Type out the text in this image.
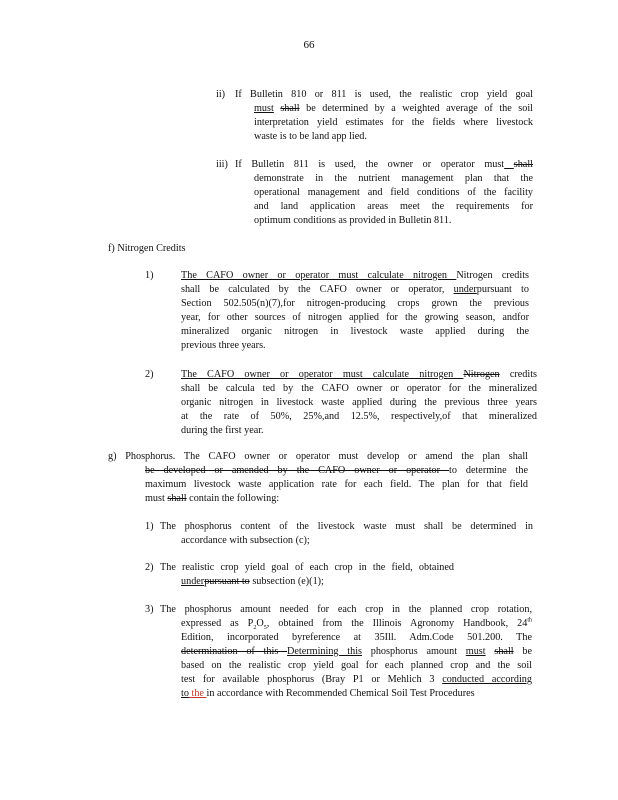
66
ii) If Bulletin 810 or 811 is used, the realistic crop yield goal
must shall be determined by a weighted average of the soil
interpretation yield estimates for the fields where livestock
waste is to be land app lied.
iii) If Bulletin 811 is used, the owner or operator must shall
demonstrate in the nutrient management plan that the
operational management and field conditions of the facility
and land application areas meet the requirements for
optimum conditions as provided in Bulletin 811.
f) Nitrogen Credits
1)	The CAFO owner or operator must calculate nitrogen Nitrogen credits
shall be calculated by the CAFO owner or operator, underpursuant to
Section 502.505(n)(7),for nitrogen-producing crops grown the previous
year, for other sources of nitrogen applied for the growing season, andfor
mineralized organic nitrogen in livestock waste applied during the
previous three years.
2)	The CAFO owner or operator must calculate nitrogen Nitrogen credits
shall be calcula ted by the CAFO owner or operator for the mineralized
organic nitrogen in livestock waste applied during the previous three years
at the rate of 50%, 25%,and 12.5%, respectively,of that mineralized
during the first year.
g) Phosphorus. The CAFO owner or operator must develop or amend the plan shall
be developed or amended by the CAFO owner or operator to determine the
maximum livestock waste application rate for each field. The plan for that field
must shall contain the following:
1) The phosphorus content of the livestock waste must shall be determined in
accordance with subsection (c);
2) The realistic crop yield goal of each crop in the field, obtained
underpursuant to subsection (e)(1);
3) The phosphorus amount needed for each crop in the planned crop rotation,
expressed as $P_2O_5$, obtained from the Illinois Agronomy Handbook, 24th
Edition, incorporated byreference at 35Ill. Adm.Code 501.200. The
determination of this Determining this phosphorus amount must shall be
based on the realistic crop yield goal for each planned crop and the soil
test for available phosphorus (Bray P1 or Mehlich 3 conducted according
to the in accordance with Recommended Chemical Soil Test Procedures
